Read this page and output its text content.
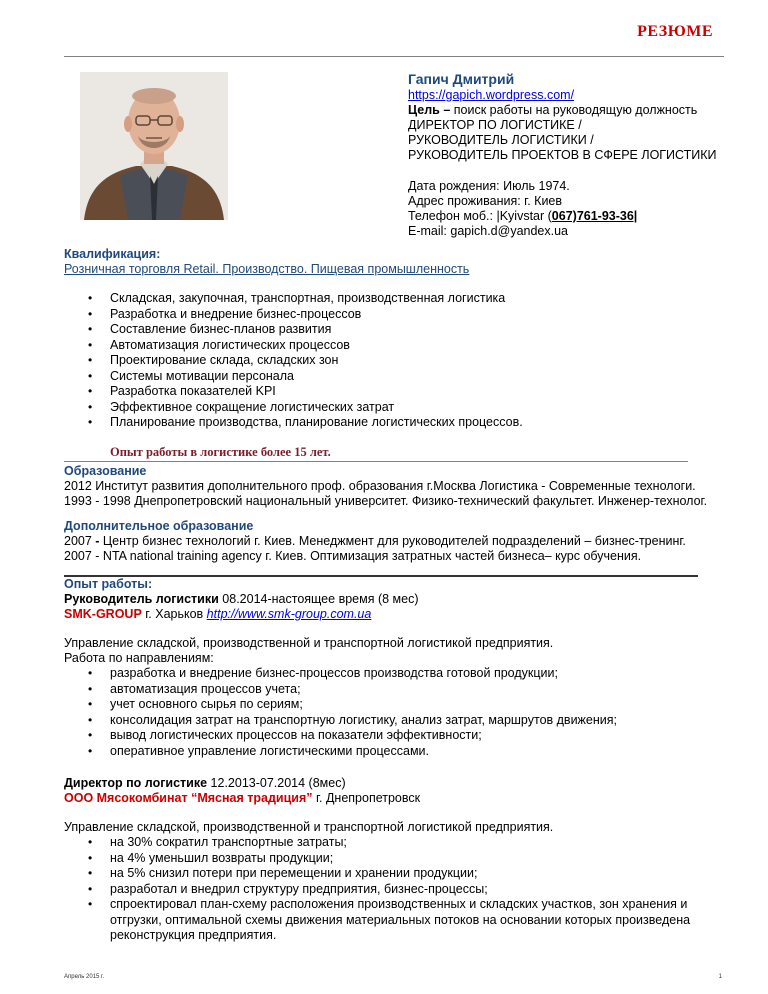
РЕЗЮМЕ
Гапич Дмитрий
https://gapich.wordpress.com/
Цель – поиск работы на руководящую должность
ДИРЕКТОР ПО ЛОГИСТИКЕ /
РУКОВОДИТЕЛЬ ЛОГИСТИКИ /
РУКОВОДИТЕЛЬ ПРОЕКТОВ В СФЕРЕ ЛОГИСТИКИ
Дата рождения: Июль 1974.
Адрес проживания: г. Киев
Телефон моб.: |Kyivstar (067)761-93-36|
E-mail: gapich.d@yandex.ua
Квалификация:
Розничная торговля Retail. Производство. Пищевая промышленность
• Складская, закупочная, транспортная, производственная логистика
• Разработка и внедрение бизнес-процессов
• Составление бизнес-планов развития
• Автоматизация логистических процессов
• Проектирование склада, складских зон
• Системы мотивации персонала
• Разработка показателей KPI
• Эффективное сокращение логистических затрат
• Планирование производства, планирование логистических процессов.
Опыт работы в логистике более 15 лет.
Образование
2012 Институт развития дополнительного проф. образования г.Москва Логистика - Современные технологи.
1993 - 1998 Днепропетровский национальный университет. Физико-технический факультет. Инженер-технолог.
Дополнительное образование
2007 - Центр бизнес технологий г. Киев. Менеджмент для руководителей подразделений – бизнес-тренинг.
2007 - NTA national training agency г. Киев. Оптимизация затратных частей бизнеса– курс обучения.
Опыт работы:
Руководитель логистики 08.2014-настоящее время (8 мес)
SMK-GROUP г. Харьков http://www.smk-group.com.ua
Управление складской, производственной и транспортной логистикой предприятия.
Работа по направлениям:
• разработка и внедрение бизнес-процессов производства готовой продукции;
• автоматизация процессов учета;
• учет основного сырья по сериям;
• консолидация затрат на транспортную логистику, анализ затрат, маршрутов движения;
• вывод логистических процессов на показатели эффективности;
• оперативное управление логистическими процессами.
Директор по логистике 12.2013-07.2014 (8мес)
ООО Мясокомбинат “Мясная традиция” г. Днепропетровск
Управление складской, производственной и транспортной логистикой предприятия.
• на 30% сократил транспортные затраты;
• на 4% уменьшил возвраты продукции;
• на 5% снизил потери при перемещении и хранении продукции;
• разработал и внедрил структуру предприятия, бизнес-процессы;
• спроектировал план-схему расположения производственных и складских участков, зон хранения и отгрузки, оптимальной схемы движения материальных потоков на основании которых произведена реконструкция предприятия.
Апрель 2015 г.	1
